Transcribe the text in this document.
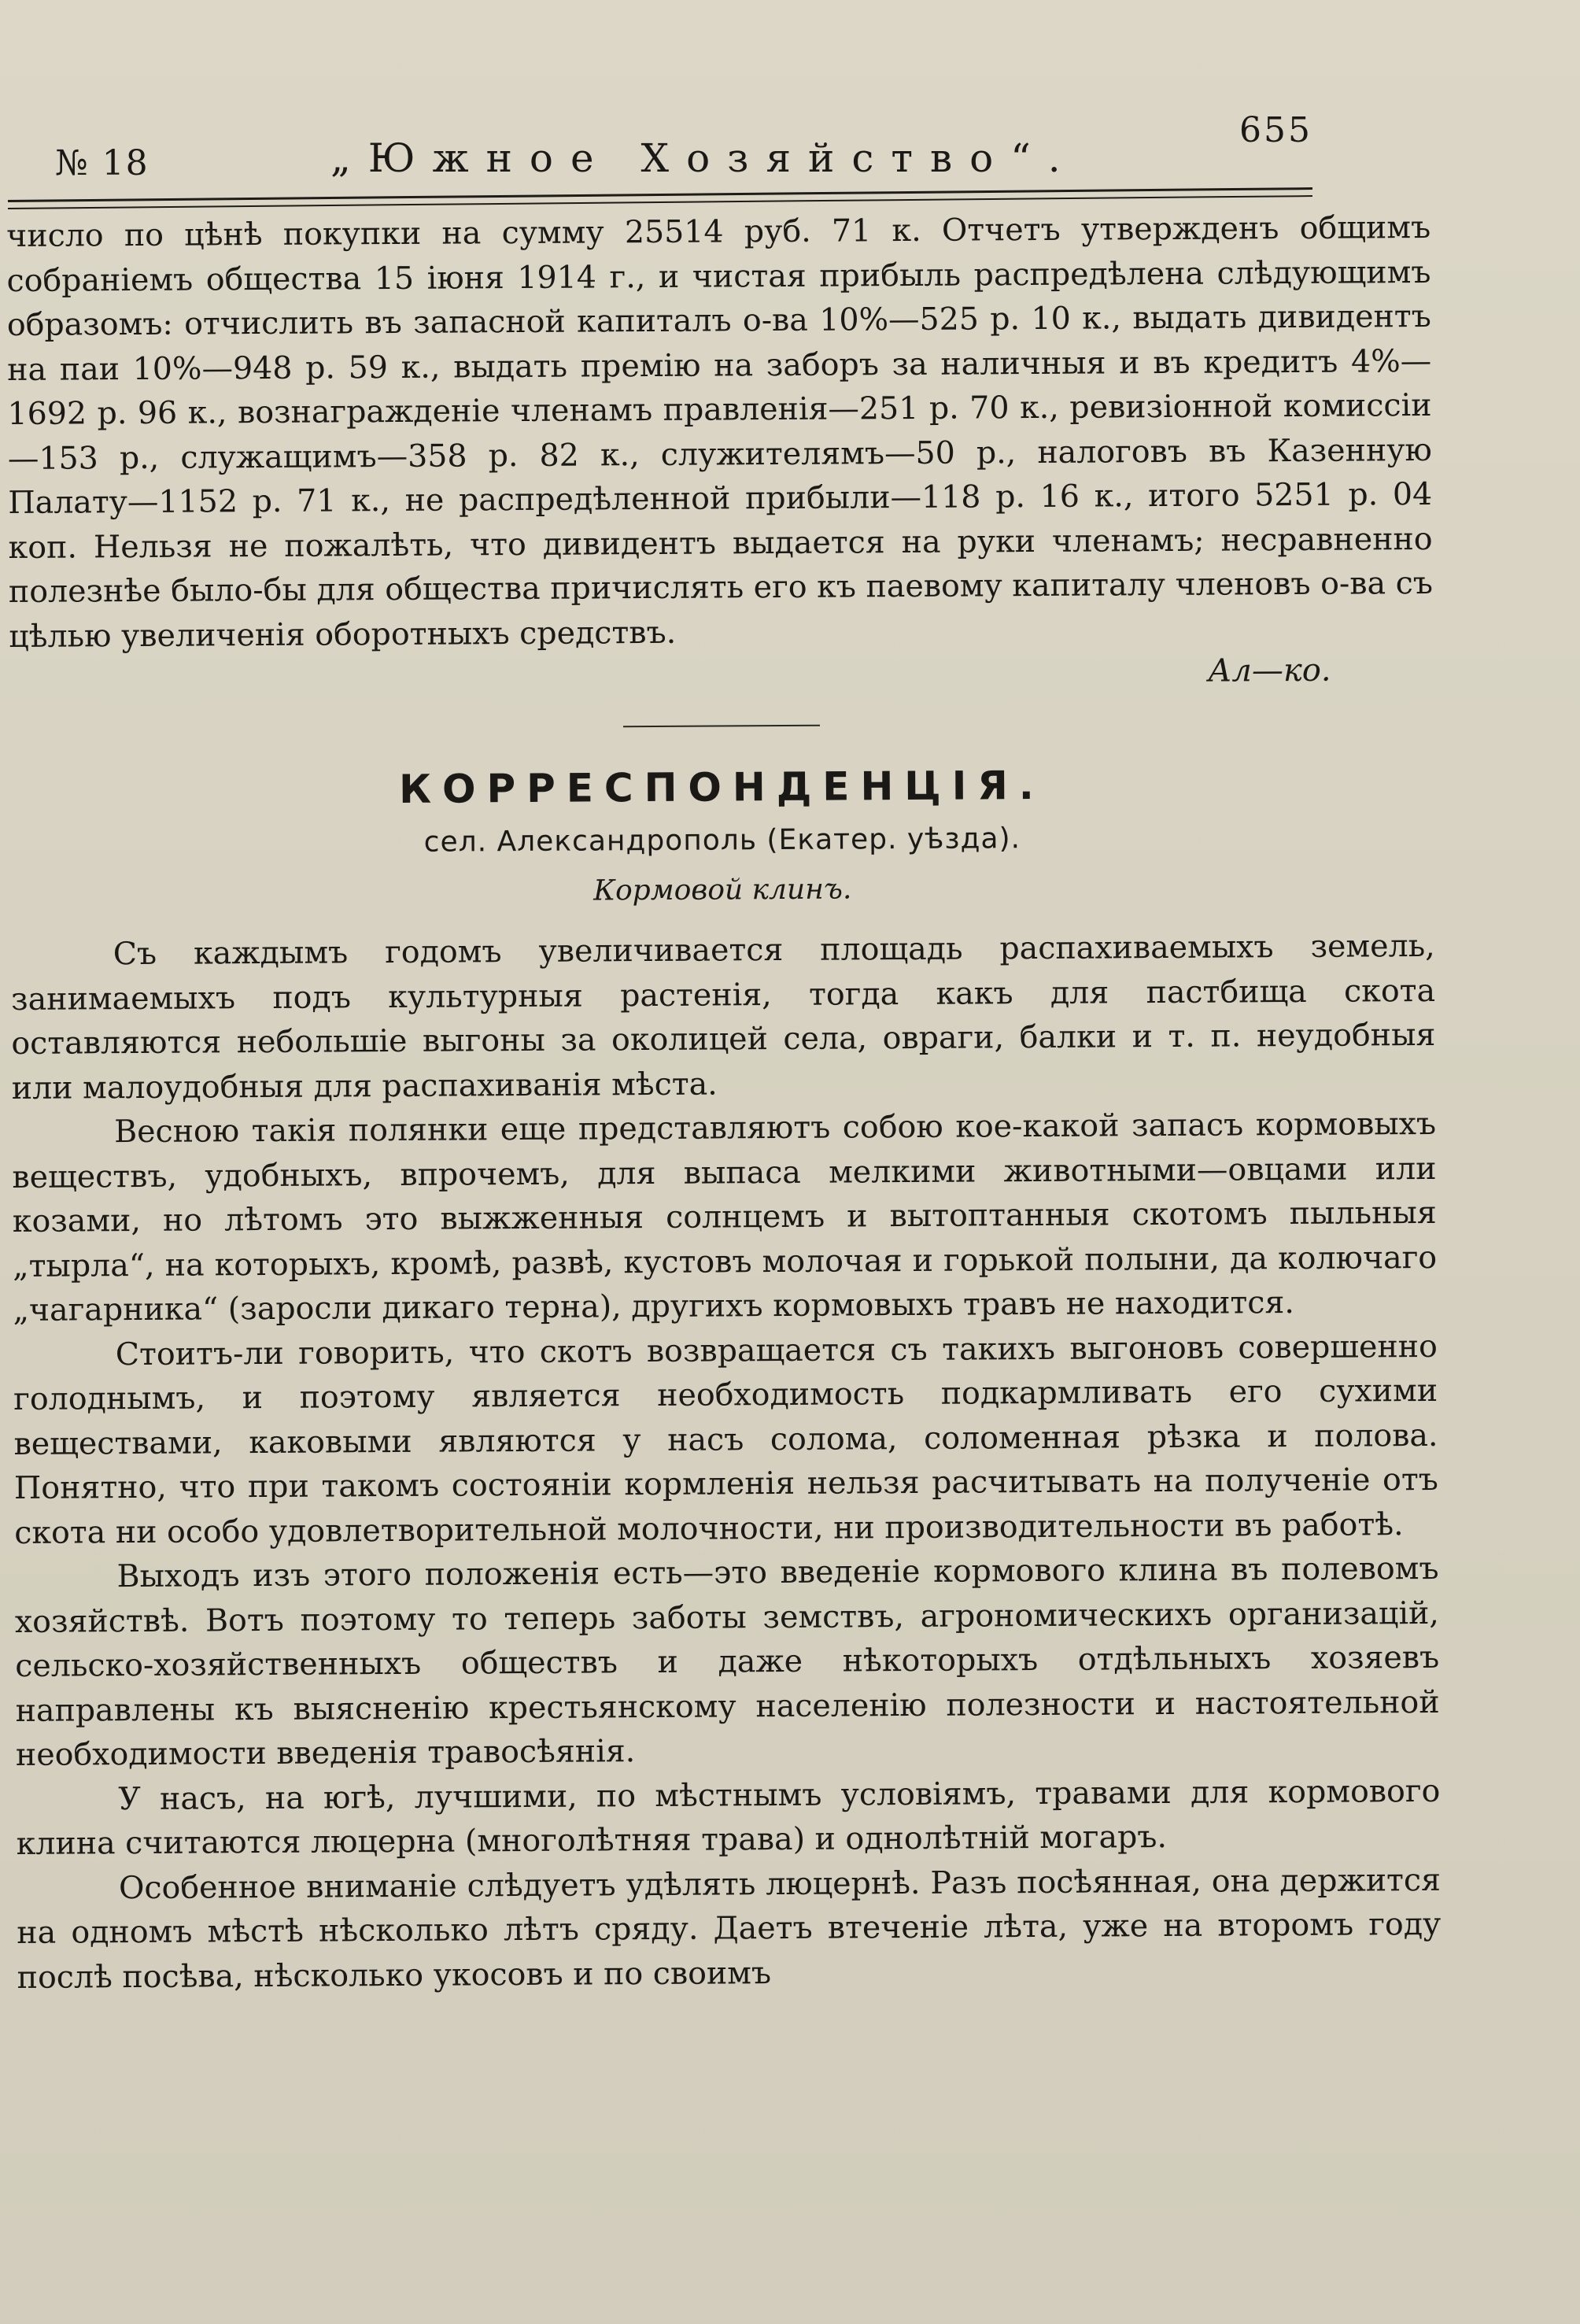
№ 18	„Южное Хозяйство“.
655

число по цѣнѣ покупки на сумму 25514 руб. 71 к. Отчетъ утвержденъ общимъ собраніемъ общества 15 іюня 1914 г., и чистая прибыль распредѣлена слѣдующимъ образомъ: отчислить въ запасной капиталъ о-ва 10%—525 р. 10 к., выдать дивидентъ на паи 10%—948 р. 59 к., выдать премію на заборъ за наличныя и въ кредитъ 4%—1692 р. 96 к., вознагражденіе членамъ правленія—251 р. 70 к., ревизіонной комиссіи—153 р., служащимъ—358 р. 82 к., служителямъ—50 р., налоговъ въ Казенную Палату—1152 р. 71 к., не распредѣленной прибыли—118 р. 16 к., итого 5251 р. 04 коп. Нельзя не пожалѣть, что дивидентъ выдается на руки членамъ; несравненно полезнѣе было-бы для общества причислять его къ паевому капиталу членовъ о-ва съ цѣлью увеличенія оборотныхъ средствъ.

Ал—ко.
КОРРЕСПОНДЕНЦІЯ.
сел. Александрополь (Екатер. уѣзда).
Кормовой клинъ.

Съ каждымъ годомъ увеличивается площадь распахиваемыхъ земель, занимаемыхъ подъ культурныя растенія, тогда какъ для пастбища скота оставляются небольшіе выгоны за околицей села, овраги, балки и т. п. неудобныя или малоудобныя для распахиванія мѣста.

Весною такія полянки еще представляютъ собою кое-какой запасъ кормовыхъ веществъ, удобныхъ, впрочемъ, для выпаса мелкими животными—овцами или козами, но лѣтомъ это выжженныя солнцемъ и вытоптанныя скотомъ пыльныя „тырла“, на которыхъ, кромѣ, развѣ, кустовъ молочая и горькой полыни, да колючаго „чагарника“ (заросли дикаго терна), другихъ кормовыхъ травъ не находится.

Стоитъ-ли говорить, что скотъ возвращается съ такихъ выгоновъ совершенно голоднымъ, и поэтому является необходимость подкармливать его сухими веществами, каковыми являются у насъ солома, соломенная рѣзка и полова. Понятно, что при такомъ состояніи кормленія нельзя расчитывать на полученіе отъ скота ни особо удовлетворительной молочности, ни производительности въ работѣ.

Выходъ изъ этого положенія есть—это введеніе кормового клина въ полевомъ хозяйствѣ. Вотъ поэтому то теперь заботы земствъ, агрономическихъ организацій, сельско-хозяйственныхъ обществъ и даже нѣкоторыхъ отдѣльныхъ хозяевъ направлены къ выясненію крестьянскому населенію полезности и настоятельной необходимости введенія травосѣянія.

У насъ, на югѣ, лучшими, по мѣстнымъ условіямъ, травами для кормового клина считаются люцерна (многолѣтняя трава) и однолѣтній могаръ.

Особенное вниманіе слѣдуетъ удѣлять люцернѣ. Разъ посѣянная, она держится на одномъ мѣстѣ нѣсколько лѣтъ сряду. Даетъ втеченіе лѣта, уже на второмъ году послѣ посѣва, нѣсколько укосовъ и по своимъ
